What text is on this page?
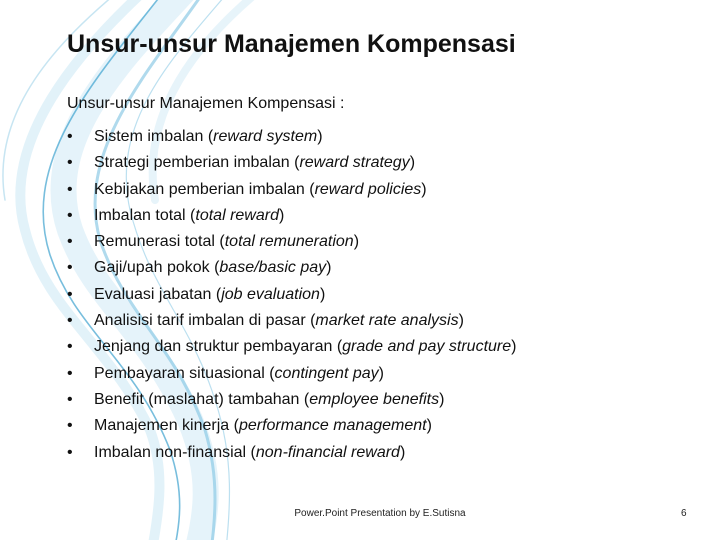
Unsur-unsur Manajemen Kompensasi
Unsur-unsur Manajemen Kompensasi :
• Sistem imbalan (reward system)
• Strategi pemberian imbalan (reward strategy)
• Kebijakan pemberian imbalan (reward policies)
• Imbalan total (total reward)
• Remunerasi total (total remuneration)
• Gaji/upah pokok (base/basic pay)
• Evaluasi jabatan (job evaluation)
• Analisisi tarif imbalan di pasar (market rate analysis)
• Jenjang dan struktur pembayaran (grade and pay structure)
• Pembayaran situasional (contingent pay)
• Benefit (maslahat) tambahan (employee benefits)
• Manajemen kinerja (performance management)
• Imbalan non-finansial (non-financial reward)
Power.Point Presentation by E.Sutisna	6
